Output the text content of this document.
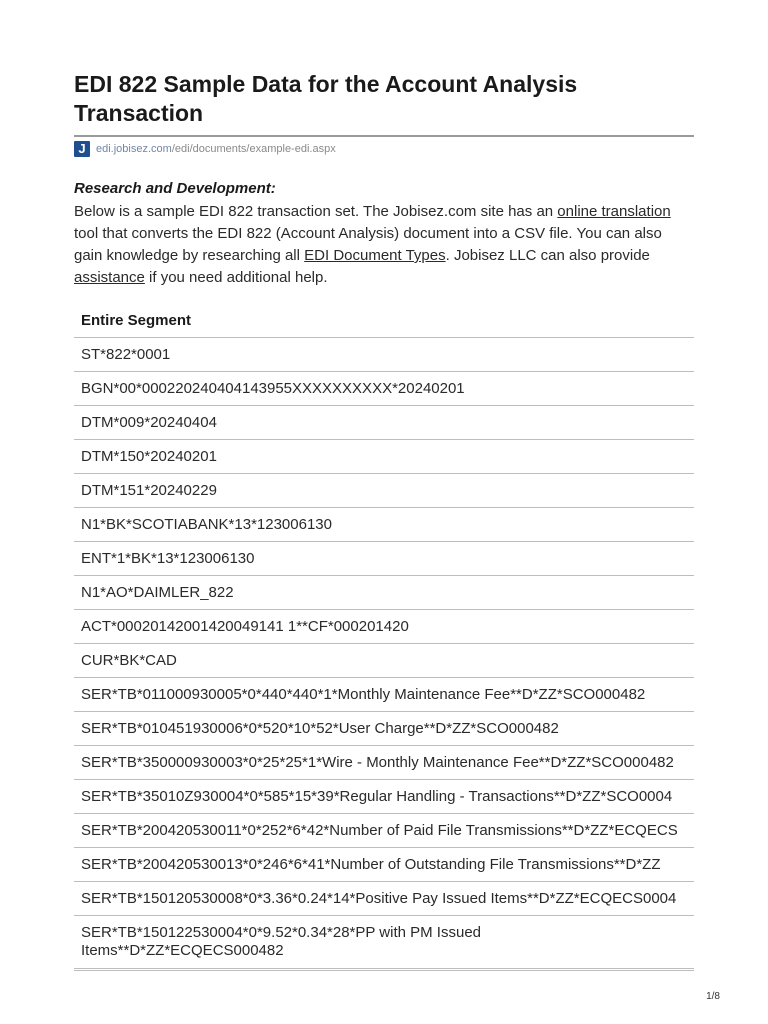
EDI 822 Sample Data for the Account Analysis Transaction
J edi.jobisez.com/edi/documents/example-edi.aspx
Research and Development:

Below is a sample EDI 822 transaction set. The Jobisez.com site has an online translation tool that converts the EDI 822 (Account Analysis) document into a CSV file. You can also gain knowledge by researching all EDI Document Types. Jobisez LLC can also provide assistance if you need additional help.

Entire Segment
ST*822*0001
BGN*00*000220240404143955XXXXXXXXXX*20240201
DTM*009*20240404
DTM*150*20240201
DTM*151*20240229
N1*BK*SCOTIABANK*13*123006130
ENT*1*BK*13*123006130
N1*AO*DAIMLER_822
ACT*00020142001420049141 1**CF*000201420
CUR*BK*CAD
SER*TB*011000930005*0*440*440*1*Monthly Maintenance Fee**D*ZZ*SCO000482
SER*TB*010451930006*0*520*10*52*User Charge**D*ZZ*SCO000482
SER*TB*350000930003*0*25*25*1*Wire - Monthly Maintenance Fee**D*ZZ*SCO000482
SER*TB*35010Z930004*0*585*15*39*Regular Handling - Transactions**D*ZZ*SCO0004
SER*TB*200420530011*0*252*6*42*Number of Paid File Transmissions**D*ZZ*ECQECS
SER*TB*200420530013*0*246*6*41*Number of Outstanding File Transmissions**D*ZZ
SER*TB*150120530008*0*3.36*0.24*14*Positive Pay Issued Items**D*ZZ*ECQECS0004
SER*TB*150122530004*0*9.52*0.34*28*PP with PM Issued Items**D*ZZ*ECQECS000482
1/8
